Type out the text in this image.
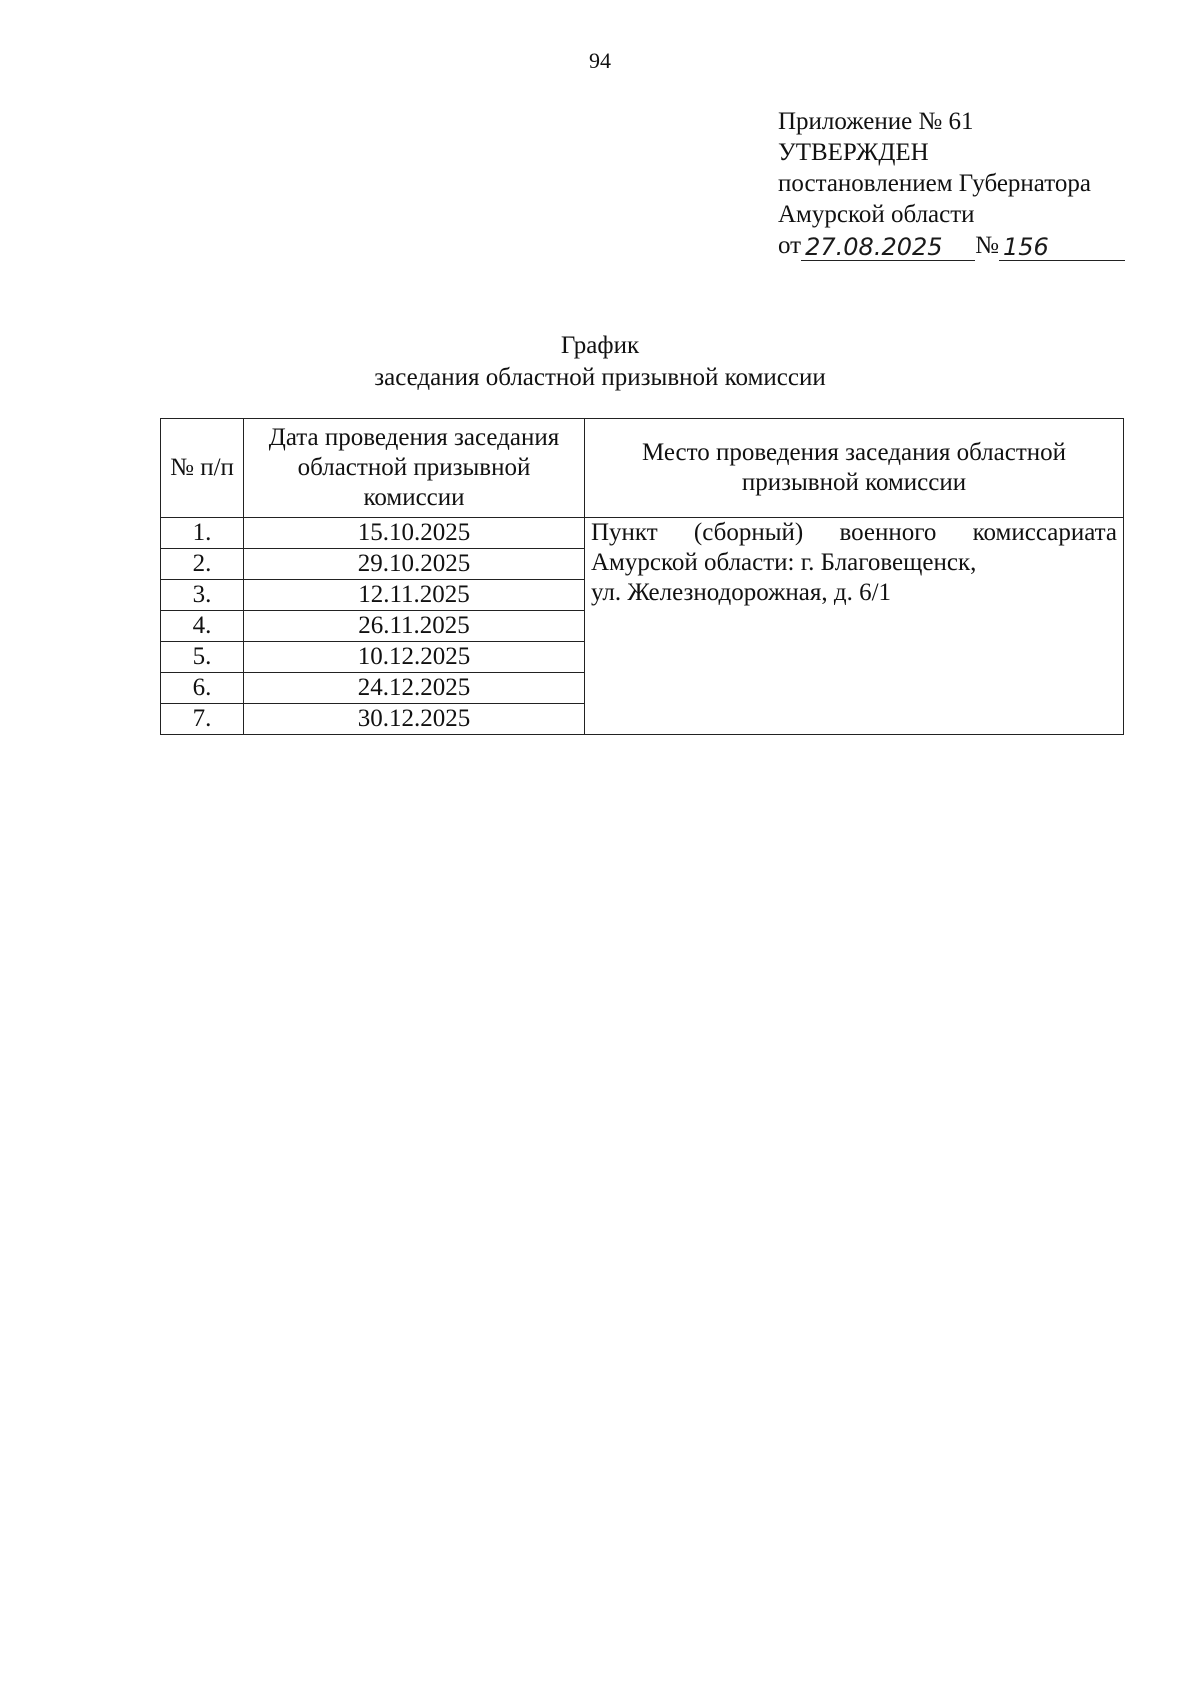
94
Приложение № 61
УТВЕРЖДЕН
постановлением Губернатора
Амурской области
от 27.08.2025	№ 156
График
заседания областной призывной комиссии
№ п/п	Дата проведения заседания областной призывной комиссии	Место проведения заседания областной призывной комиссии
1.	15.10.2025	Пункт (сборный) военного комиссариата
Амурской области: г. Благовещенск,
ул. Железнодорожная, д. 6/1

2.	29.10.2025	
3.	12.11.2025	
4.	26.11.2025	
5.	10.12.2025	
6.	24.12.2025	
7.	30.12.2025	
